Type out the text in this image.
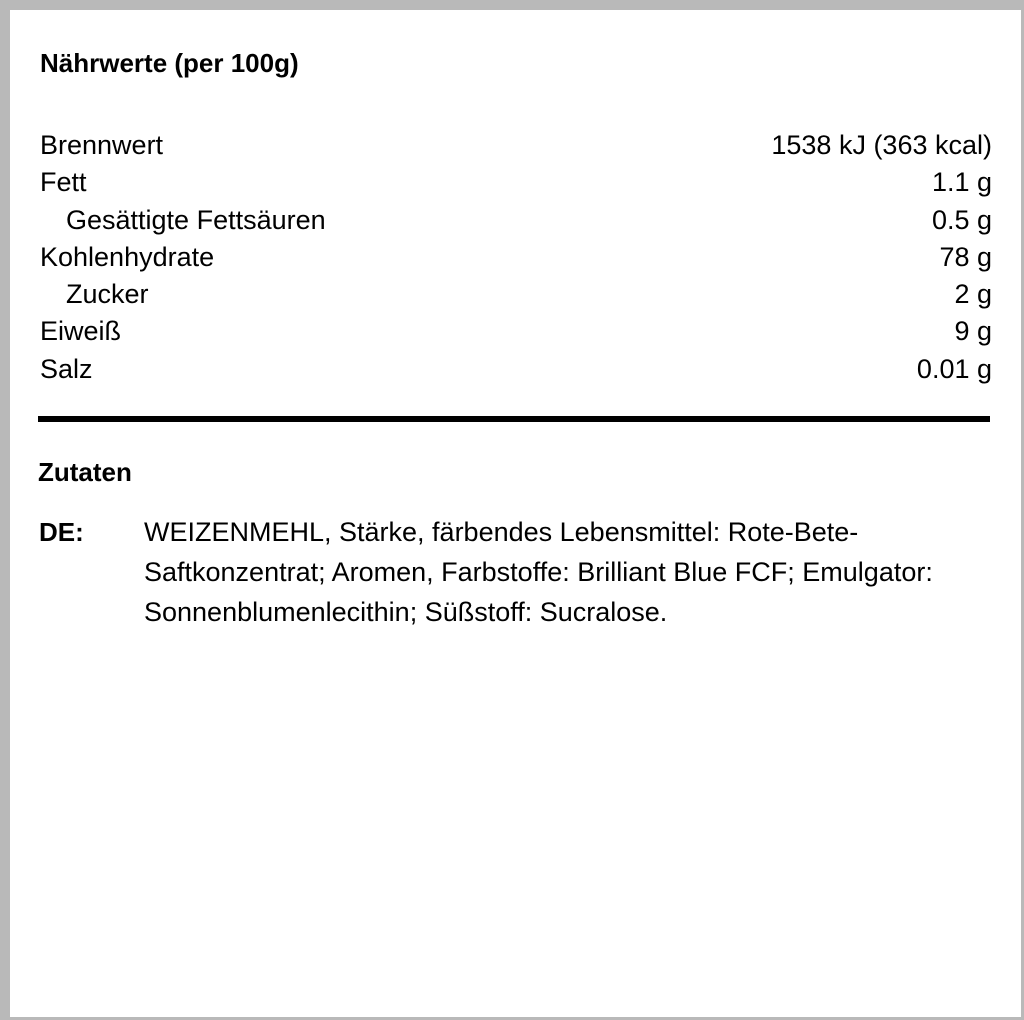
Nährwerte (per 100g)
Brennwert	1538 kJ (363 kcal)
Fett	1.1 g
Gesättigte Fettsäuren	0.5 g
Kohlenhydrate	78 g
Zucker	2 g
Eiweiß	9 g
Salz	0.01 g
Zutaten
DE: WEIZENMEHL, Stärke, färbendes Lebensmittel: Rote-Bete-Saftkonzentrat; Aromen, Farbstoffe: Brilliant Blue FCF; Emulgator: Sonnenblumenlecithin; Süßstoff: Sucralose.
